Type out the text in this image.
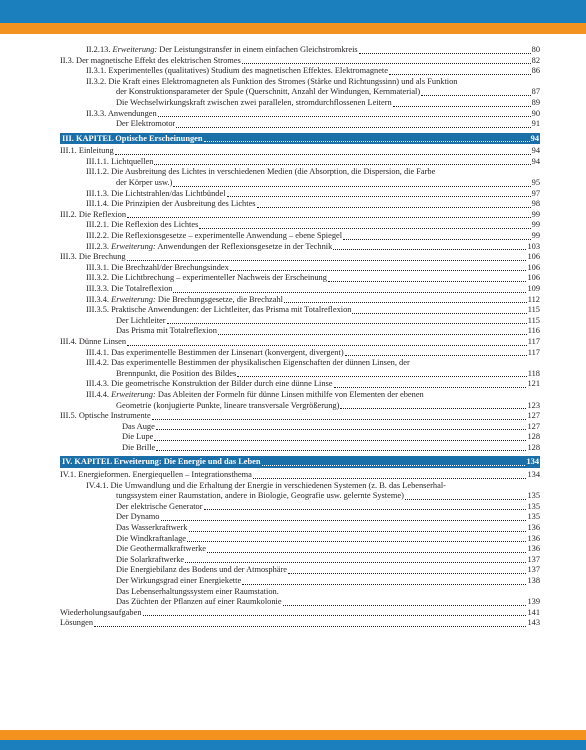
II.2.13. Erweiterung: Der Leistungstransfer in einem einfachen Gleichstromkreis	80
II.3. Der magnetische Effekt des elektrischen Stromes	82
II.3.1. Experimentelles (qualitatives) Studium des magnetischen Effektes. Elektromagnete	86
II.3.2. Die Kraft eines Elektromagneten als Funktion des Stromes (Stärke und Richtungssinn) und als Funktion
der Konstruktionsparameter der Spule (Querschnitt, Anzahl der Windungen, Kernmaterial)	87
Die Wechselwirkungskraft zwischen zwei parallelen, stromdurchflossenen Leitern	89
II.3.3. Anwendungen	90
Der Elektromotor	91
III. KAPITEL Optische Erscheinungen	94
III.1. Einleitung	94
III.1.1. Lichtquellen	94
III.1.2. Die Ausbreitung des Lichtes in verschiedenen Medien (die Absorption, die Dispersion, die Farbe
der Körper usw.)	95
III.1.3. Die Lichtstrahlen/das Lichtbündel	97
III.1.4. Die Prinzipien der Ausbreitung des Lichtes	98
III.2. Die Reflexion	99
III.2.1. Die Reflexion des Lichtes	99
III.2.2. Die Reflexionsgesetze – experimentelle Anwendung – ebene Spiegel	99
III.2.3. Erweiterung: Anwendungen der Reflexionsgesetze in der Technik	103
III.3. Die Brechung	106
III.3.1. Die Brechzahl/der Brechungsindex	106
III.3.2. Die Lichtbrechung – experimenteller Nachweis der Erscheinung	106
III.3.3. Die Totalreflexion	109
III.3.4. Erweiterung: Die Brechungsgesetze, die Brechzahl	112
III.3.5. Praktische Anwendungen: der Lichtleiter, das Prisma mit Totalreflexion	115
Der Lichtleiter	115
Das Prisma mit Totalreflexion	116
III.4. Dünne Linsen	117
III.4.1. Das experimentelle Bestimmen der Linsenart (konvergent, divergent)	117
III.4.2. Das experimentelle Bestimmen der physikalischen Eigenschaften der dünnen Linsen, der
Brennpunkt, die Position des Bildes	118
III.4.3. Die geometrische Konstruktion der Bilder durch eine dünne Linse	121
III.4.4. Erweiterung: Das Ableiten der Formeln für dünne Linsen mithilfe von Elementen der ebenen
Geometrie (konjugierte Punkte, lineare transversale Vergrößerung)	123
III.5. Optische Instrumente	127
Das Auge	127
Die Lupe	128
Die Brille	128
IV. KAPITEL Erweiterung: Die Energie und das Leben	134
IV.1. Energieformen. Energiequellen – Integrationsthema	134
IV.4.1. Die Umwandlung und die Erhaltung der Energie in verschiedenen Systemen (z. B. das Lebenserhal-
tungssystem einer Raumstation, andere in Biologie, Geografie usw. gelernte Systeme)	135
Der elektrische Generator	135
Der Dynamo	135
Das Wasserkraftwerk	136
Die Windkraftanlage	136
Die Geothermalkraftwerke	136
Die Solarkraftwerke	137
Die Energiebilanz des Bodens und der Atmosphäre	137
Der Wirkungsgrad einer Energiekette	138
Das Lebenserhaltungssystem einer Raumstation.
Das Züchten der Pflanzen auf einer Raumkolonie	139
Wiederholungsaufgaben	141
Lösungen	143
